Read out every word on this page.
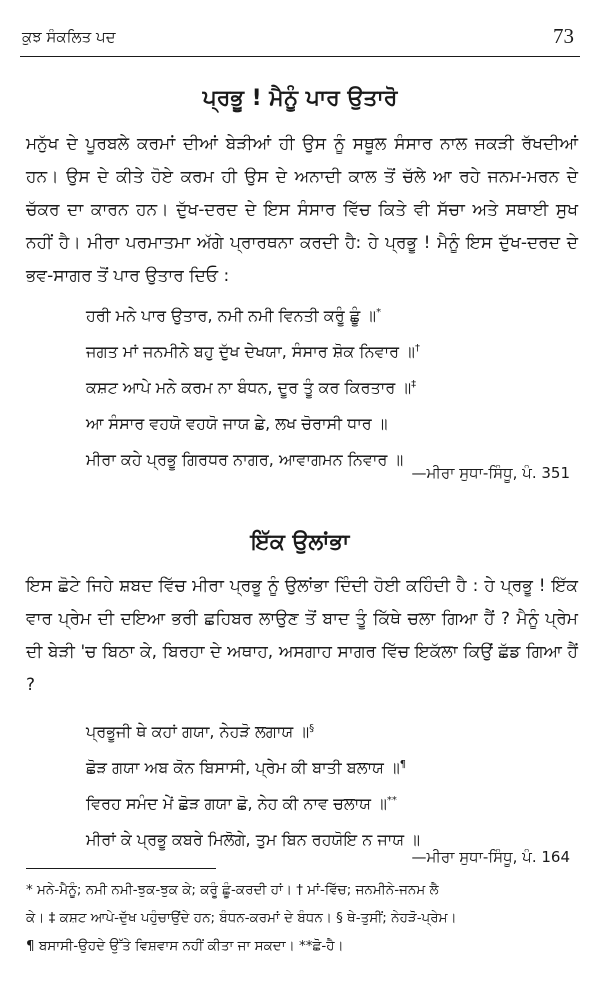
ਕੁਝ ਸੰਕਲਿਤ ਪਦ	73
ਪ੍ਰਭੂ ! ਮੈਨੂੰ ਪਾਰ ਉਤਾਰੋ

ਮਨੁੱਖ ਦੇ ਪੂਰਬਲੇ ਕਰਮਾਂ ਦੀਆਂ ਬੇੜੀਆਂ ਹੀ ਉਸ ਨੂੰ ਸਥੂਲ ਸੰਸਾਰ ਨਾਲ ਜਕੜੀ ਰੱਖਦੀਆਂ ਹਨ। ਉਸ ਦੇ ਕੀਤੇ ਹੋਏ ਕਰਮ ਹੀ ਉਸ ਦੇ ਅਨਾਦੀ ਕਾਲ ਤੋਂ ਚੱਲੇ ਆ ਰਹੇ ਜਨਮ-ਮਰਨ ਦੇ ਚੱਕਰ ਦਾ ਕਾਰਨ ਹਨ। ਦੁੱਖ-ਦਰਦ ਦੇ ਇਸ ਸੰਸਾਰ ਵਿੱਚ ਕਿਤੇ ਵੀ ਸੱਚਾ ਅਤੇ ਸਥਾਈ ਸੁਖ ਨਹੀਂ ਹੈ। ਮੀਰਾ ਪਰਮਾਤਮਾ ਅੱਗੇ ਪ੍ਰਾਰਥਨਾ ਕਰਦੀ ਹੈ: ਹੇ ਪ੍ਰਭੂ ! ਮੈਨੂੰ ਇਸ ਦੁੱਖ-ਦਰਦ ਦੇ ਭਵ-ਸਾਗਰ ਤੋਂ ਪਾਰ ਉਤਾਰ ਦਿਓ :

ਹਰੀ ਮਨੇ ਪਾਰ ਉਤਾਰ, ਨਮੀ ਨਮੀ ਵਿਨਤੀ ਕਰੂੰ ਛੂੰ ॥*
ਜਗਤ ਮਾਂ ਜਨਮੀਨੇ ਬਹੁ ਦੁੱਖ ਦੇਖਯਾ, ਸੰਸਾਰ ਸ਼ੋਕ ਨਿਵਾਰ ॥†
ਕਸ਼ਟ ਆਪੇ ਮਨੇ ਕਰਮ ਨਾ ਬੰਧਨ, ਦੂਰ ਤੂੰ ਕਰ ਕਿਰਤਾਰ ॥‡
ਆ ਸੰਸਾਰ ਵਹਯੋ ਵਹਯੋ ਜਾਯ ਛੇ, ਲਖ ਚੋਰਾਸੀ ਧਾਰ ॥
ਮੀਰਾ ਕਹੇ ਪ੍ਰਭੂ ਗਿਰਧਰ ਨਾਗਰ, ਆਵਾਗਮਨ ਨਿਵਾਰ ॥
—ਮੀਰਾ ਸੁਧਾ-ਸਿੰਧੂ, ਪੰ. 351
ਇੱਕ ਉਲਾਂਭਾ

ਇਸ ਛੋਟੇ ਜਿਹੇ ਸ਼ਬਦ ਵਿੱਚ ਮੀਰਾ ਪ੍ਰਭੂ ਨੂੰ ਉਲਾਂਭਾ ਦਿੰਦੀ ਹੋਈ ਕਹਿੰਦੀ ਹੈ : ਹੇ ਪ੍ਰਭੂ ! ਇੱਕ ਵਾਰ ਪ੍ਰੇਮ ਦੀ ਦਇਆ ਭਰੀ ਛਹਿਬਰ ਲਾਉਣ ਤੋਂ ਬਾਦ ਤੂੰ ਕਿੱਥੇ ਚਲਾ ਗਿਆ ਹੈਂ ? ਮੈਨੂੰ ਪ੍ਰੇਮ ਦੀ ਬੇੜੀ 'ਚ ਬਿਠਾ ਕੇ, ਬਿਰਹਾ ਦੇ ਅਥਾਹ, ਅਸਗਾਹ ਸਾਗਰ ਵਿੱਚ ਇਕੱਲਾ ਕਿਉਂ ਛੱਡ ਗਿਆ ਹੈਂ ?

ਪ੍ਰਭੂਜੀ ਥੇ ਕਹਾਂ ਗਯਾ, ਨੇਹੜੋ ਲਗਾਯ ॥§
ਛੋੜ ਗਯਾ ਅਬ ਕੋਨ ਬਿਸਾਸੀ, ਪ੍ਰੇਮ ਕੀ ਬਾਤੀ ਬਲਾਯ ॥¶
ਵਿਰਹ ਸਮੰਦ ਮੇਂ ਛੋੜ ਗਯਾ ਛੋ, ਨੇਹ ਕੀ ਨਾਵ ਚਲਾਯ ॥**
ਮੀਰਾਂ ਕੇ ਪ੍ਰਭੂ ਕਬਰੇ ਮਿਲੋਗੇ, ਤੁਮ ਬਿਨ ਰਹਯੋਇ ਨ ਜਾਯ ॥
—ਮੀਰਾ ਸੁਧਾ-ਸਿੰਧੂ, ਪੰ. 164
* ਮਨੇ-ਮੈਨੂੰ; ਨਮੀ ਨਮੀ-ਝੁਕ-ਝੁਕ ਕੇ; ਕਰੂੰ ਛੂੰ-ਕਰਦੀ ਹਾਂ। † ਮਾਂ-ਵਿੱਚ; ਜਨਮੀਨੇ-ਜਨਮ ਲੈ
ਕੇ। ‡ ਕਸ਼ਟ ਆਪੇ-ਦੁੱਖ ਪਹੁੰਚਾਉਂਦੇ ਹਨ; ਬੰਧਨ-ਕਰਮਾਂ ਦੇ ਬੰਧਨ। § ਥੇ-ਤੁਸੀਂ; ਨੇਹੜੋ-ਪ੍ਰੇਮ।
¶ ਬਸਾਸੀ-ਉਹਦੇ ਉੱਤੇ ਵਿਸ਼ਵਾਸ ਨਹੀਂ ਕੀਤਾ ਜਾ ਸਕਦਾ। **ਛੋ-ਹੈ।
